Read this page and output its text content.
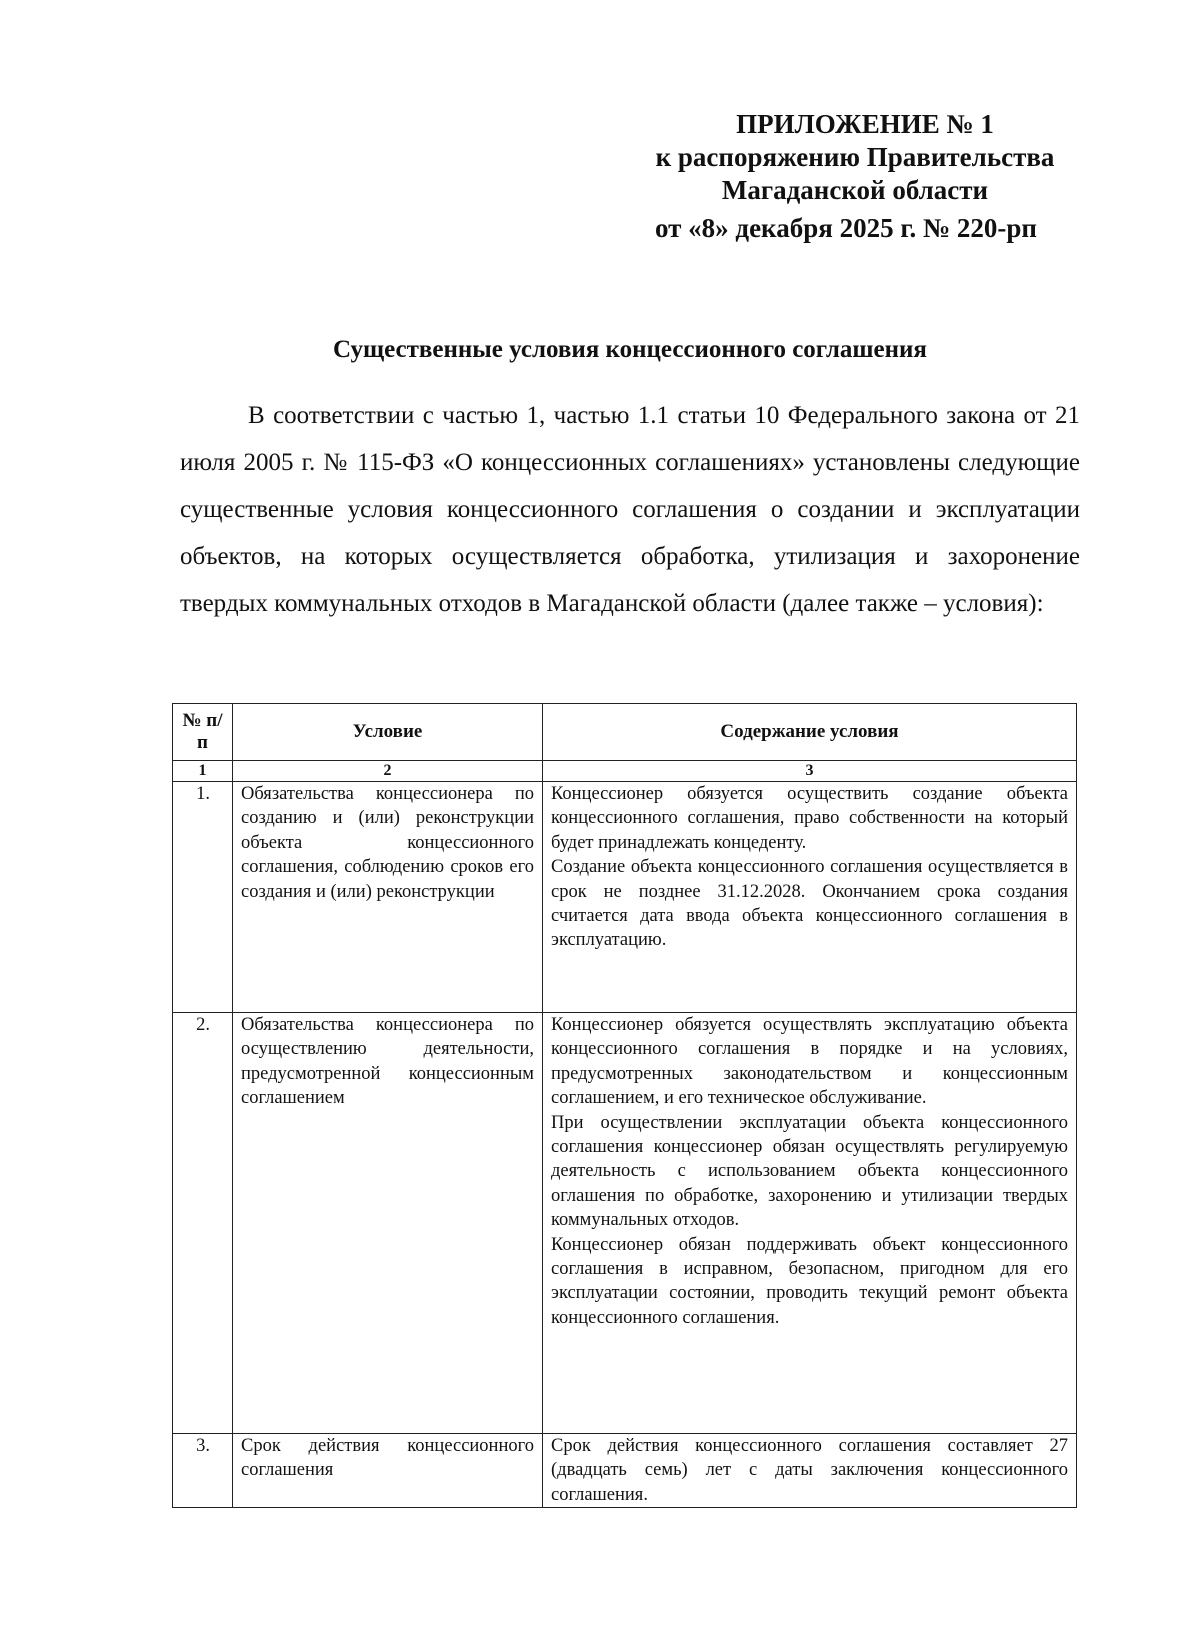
ПРИЛОЖЕНИЕ № 1
к распоряжению Правительства
Магаданской области
от «8» декабря 2025 г. № 220-рп
Существенные условия концессионного соглашения

В соответствии с частью 1, частью 1.1 статьи 10 Федерального закона от 21 июля 2005 г. № 115-ФЗ «О концессионных соглашениях» установлены следующие существенные условия концессионного соглашения о создании и эксплуатации объектов, на которых осуществляется обработка, утилизация и захоронение твердых коммунальных отходов в Магаданской области (далее также – условия):

№ п/п	Условие	Содержание условия
1	2	3
1.	Обязательства концессионера по созданию и (или) реконструкции объекта концессионного соглашения, соблюдению сроков его создания и (или) реконструкции	Концессионер обязуется осуществить создание объекта концессионного соглашения, право собственности на который будет принадлежать концеденту.

Создание объекта концессионного соглашения осуществляется в срок не позднее 31.12.2028. Окончанием срока создания считается дата ввода объекта концессионного соглашения в эксплуатацию.

2.	Обязательства концессионера по осуществлению деятельности, предусмотренной концессионным соглашением	Концессионер обязуется осуществлять эксплуатацию объекта концессионного соглашения в порядке и на условиях, предусмотренных законодательством и концессионным соглашением, и его техническое обслуживание.

При осуществлении эксплуатации объекта концессионного соглашения концессионер обязан осуществлять регулируемую деятельность с использованием объекта концессионного оглашения по обработке, захоронению и утилизации твердых коммунальных отходов.

Концессионер обязан поддерживать объект концессионного соглашения в исправном, безопасном, пригодном для его эксплуатации состоянии, проводить текущий ремонт объекта концессионного соглашения.

3.	Срок действия концессионного соглашения	Срок действия концессионного соглашения составляет 27 (двадцать семь) лет с даты заключения концессионного соглашения.
